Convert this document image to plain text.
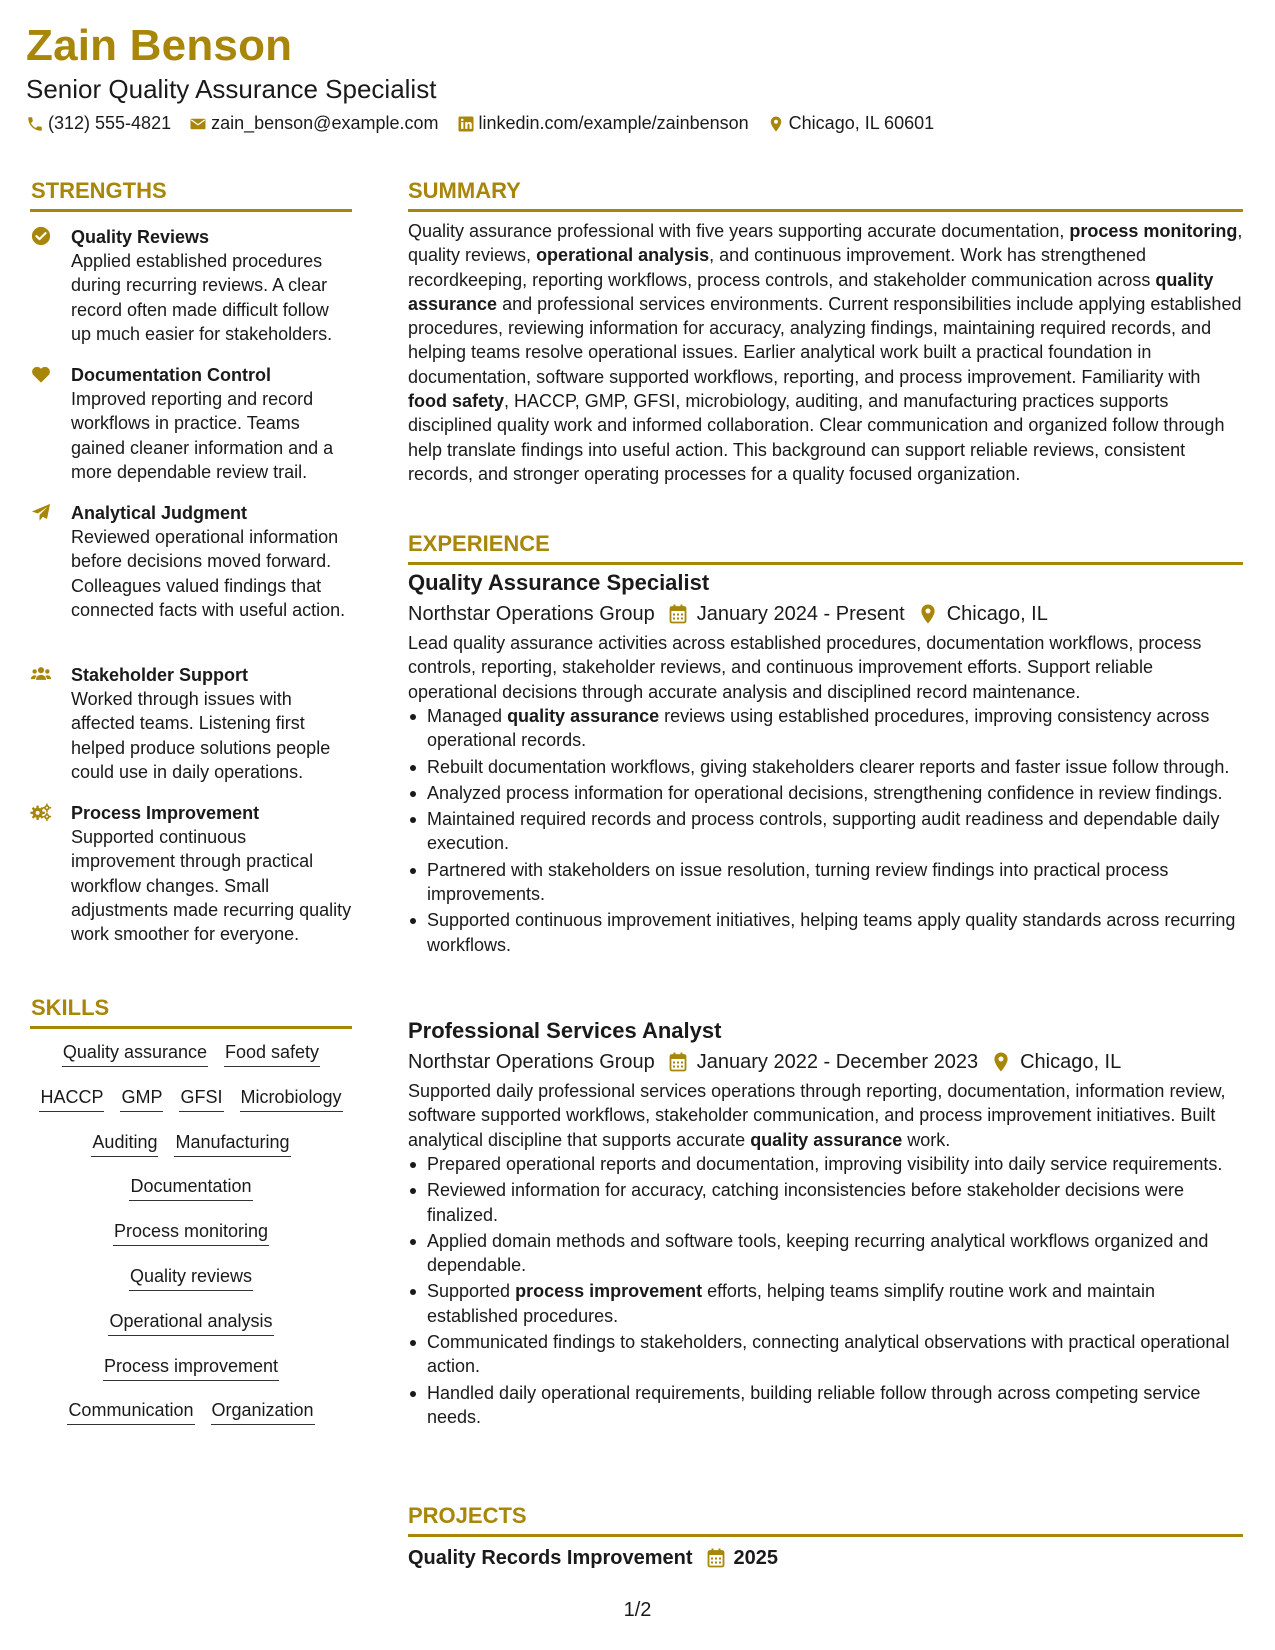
Zain Benson
Senior Quality Assurance Specialist
(312) 555-4821 zain_benson@example.com linkedin.com/example/zainbenson Chicago, IL 60601
STRENGTHS
Quality Reviews
Applied established procedures during recurring reviews. A clear record often made difficult follow up much easier for stakeholders.
Documentation Control
Improved reporting and record workflows in practice. Teams gained cleaner information and a more dependable review trail.
Analytical Judgment
Reviewed operational information before decisions moved forward. Colleagues valued findings that connected facts with useful action.
Stakeholder Support
Worked through issues with affected teams. Listening first helped produce solutions people could use in daily operations.
Process Improvement
Supported continuous improvement through practical workflow changes. Small adjustments made recurring quality work smoother for everyone.
SKILLS
Quality assurance Food safety
HACCP GMP GFSI Microbiology
Auditing Manufacturing
Documentation
Process monitoring
Quality reviews
Operational analysis
Process improvement
Communication Organization
SUMMARY

Quality assurance professional with five years supporting accurate documentation, process monitoring, quality reviews, operational analysis, and continuous improvement. Work has strengthened recordkeeping, reporting workflows, process controls, and stakeholder communication across quality assurance and professional services environments. Current responsibilities include applying established procedures, reviewing information for accuracy, analyzing findings, maintaining required records, and helping teams resolve operational issues. Earlier analytical work built a practical foundation in documentation, software supported workflows, reporting, and process improvement. Familiarity with food safety, HACCP, GMP, GFSI, microbiology, auditing, and manufacturing practices supports disciplined quality work and informed collaboration. Clear communication and organized follow through help translate findings into useful action. This background can support reliable reviews, consistent records, and stronger operating processes for a quality focused organization.

EXPERIENCE
Quality Assurance Specialist
Northstar Operations Group January 2024 - Present Chicago, IL

Lead quality assurance activities across established procedures, documentation workflows, process controls, reporting, stakeholder reviews, and continuous improvement efforts. Support reliable operational decisions through accurate analysis and disciplined record maintenance.

Managed quality assurance reviews using established procedures, improving consistency across operational records.
Rebuilt documentation workflows, giving stakeholders clearer reports and faster issue follow through.
Analyzed process information for operational decisions, strengthening confidence in review findings.
Maintained required records and process controls, supporting audit readiness and dependable daily execution.
Partnered with stakeholders on issue resolution, turning review findings into practical process improvements.
Supported continuous improvement initiatives, helping teams apply quality standards across recurring workflows.
Professional Services Analyst
Northstar Operations Group January 2022 - December 2023 Chicago, IL

Supported daily professional services operations through reporting, documentation, information review, software supported workflows, stakeholder communication, and process improvement initiatives. Built analytical discipline that supports accurate quality assurance work.

Prepared operational reports and documentation, improving visibility into daily service requirements.
Reviewed information for accuracy, catching inconsistencies before stakeholder decisions were finalized.
Applied domain methods and software tools, keeping recurring analytical workflows organized and dependable.
Supported process improvement efforts, helping teams simplify routine work and maintain established procedures.
Communicated findings to stakeholders, connecting analytical observations with practical operational action.
Handled daily operational requirements, building reliable follow through across competing service needs.
PROJECTS
Quality Records Improvement 2025
1/2
